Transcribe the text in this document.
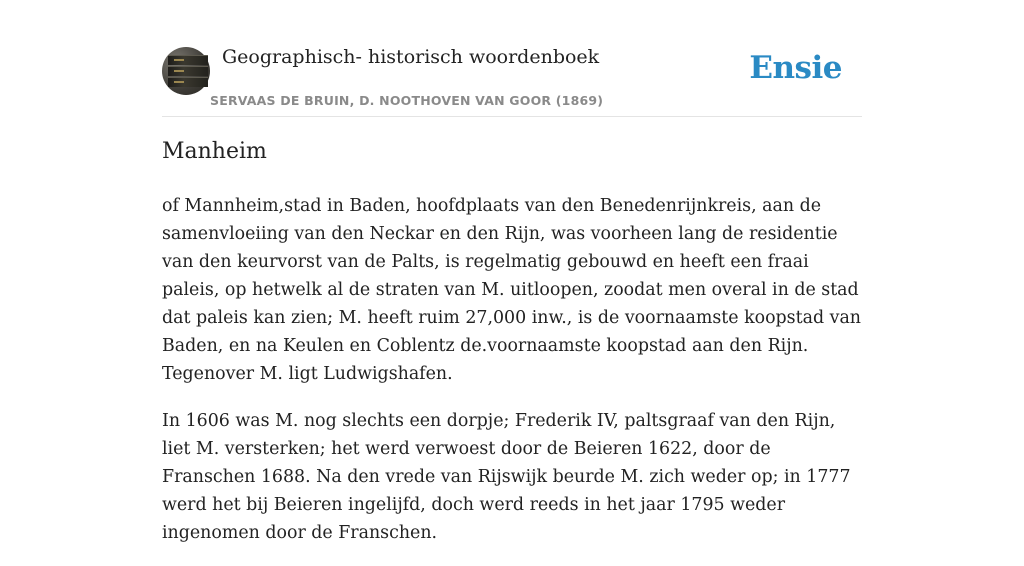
Geographisch- historisch woordenboek
SERVAAS DE BRUIN, D. NOOTHOVEN VAN GOOR (1869)
Ensie
Manheim

of Mannheim,stad in Baden, hoofdplaats van den Benedenrijnkreis, aan de samenvloeiing van den Neckar en den Rijn, was voorheen lang de residentie van den keurvorst van de Palts, is regelmatig gebouwd en heeft een fraai paleis, op hetwelk al de straten van M. uitloopen, zoodat men overal in de stad dat paleis kan zien; M. heeft ruim 27,000 inw., is de voornaamste koopstad van Baden, en na Keulen en Coblentz de.voornaamste koopstad aan den Rijn. Tegenover M. ligt Ludwigshafen.

In 1606 was M. nog slechts een dorpje; Frederik IV, paltsgraaf van den Rijn, liet M. versterken; het werd verwoest door de Beieren 1622, door de Franschen 1688. Na den vrede van Rijswijk beurde M. zich weder op; in 1777 werd het bij Beieren ingelijfd, doch werd reeds in het jaar 1795 weder ingenomen door de Franschen.
